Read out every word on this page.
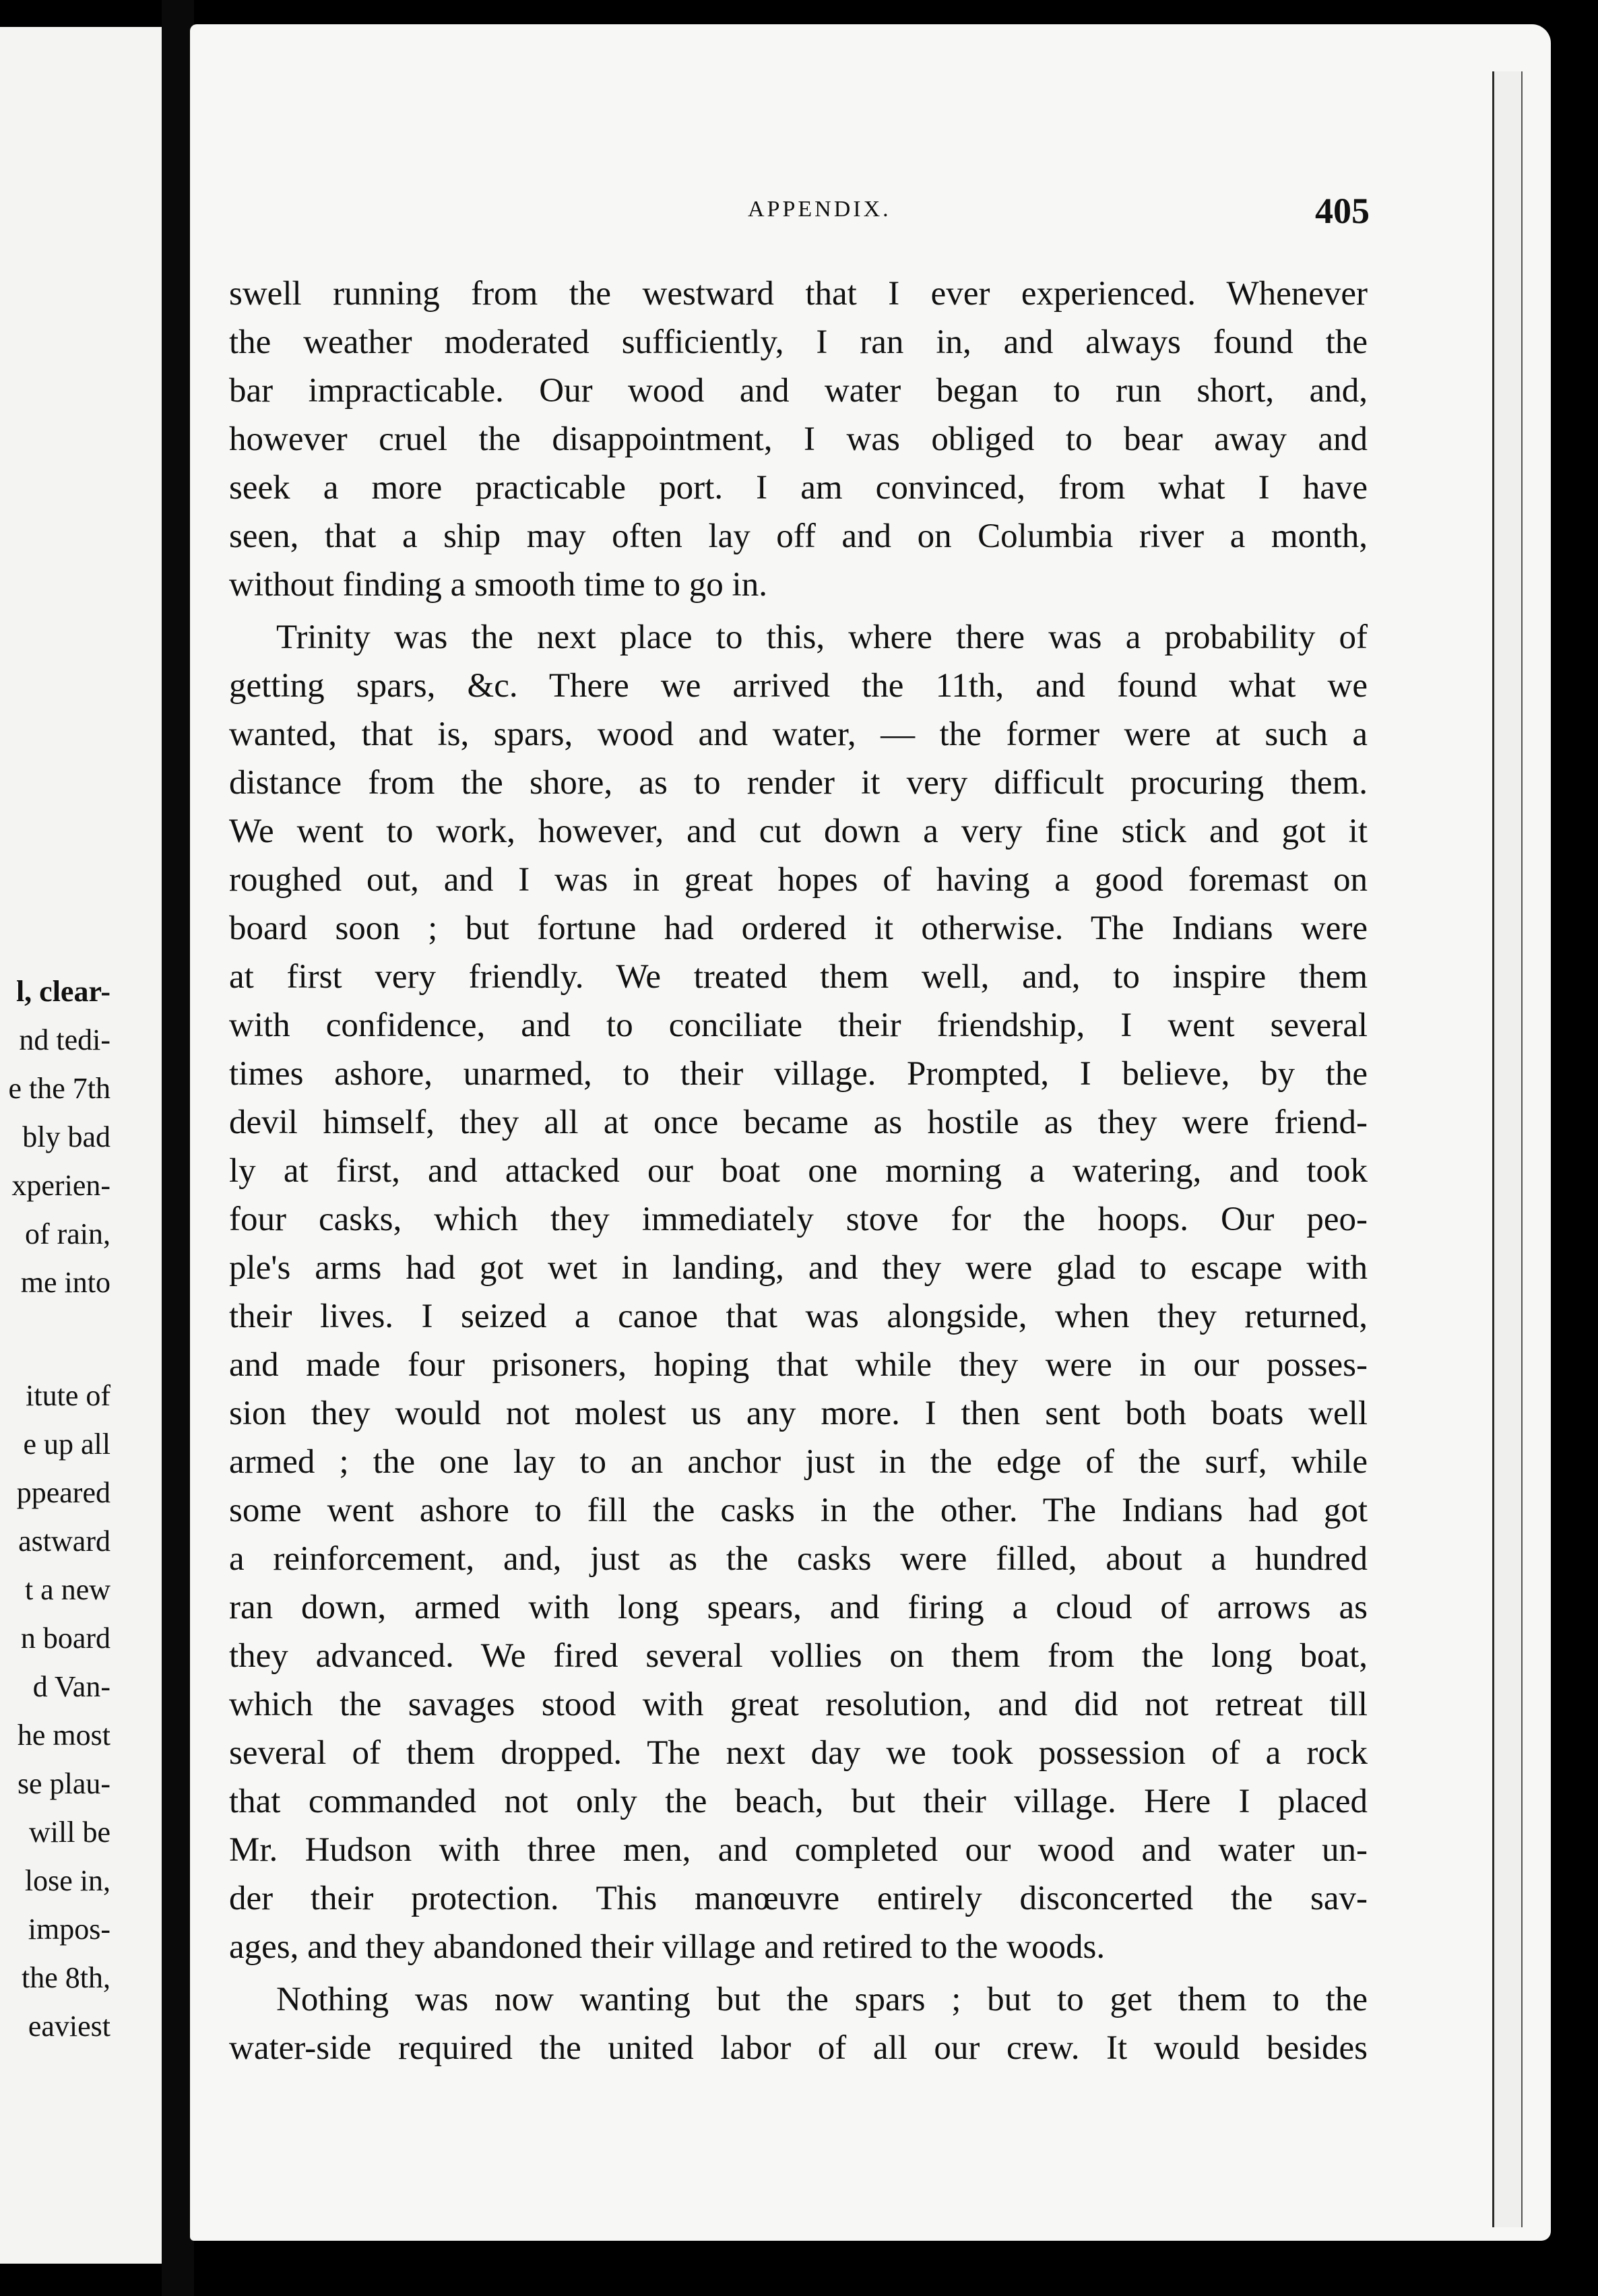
l, clear-
nd tedi-
e the 7th
bly bad
xperien-
of rain,
me into
itute of
e up all
ppeared
astward
t a new
n board
d Van-
he most
se plau-
will be
lose in,
impos-
the 8th,
eaviest
APPENDIX.	405
swell running from the westward that I ever experienced. Whenever
the weather moderated sufficiently, I ran in, and always found the
bar impracticable. Our wood and water began to run short, and,
however cruel the disappointment, I was obliged to bear away and
seek a more practicable port. I am convinced, from what I have
seen, that a ship may often lay off and on Columbia river a month,
without finding a smooth time to go in.
Trinity was the next place to this, where there was a probability of
getting spars, &c. There we arrived the 11th, and found what we
wanted, that is, spars, wood and water, — the former were at such a
distance from the shore, as to render it very difficult procuring them.
We went to work, however, and cut down a very fine stick and got it
roughed out, and I was in great hopes of having a good foremast on
board soon ; but fortune had ordered it otherwise. The Indians were
at first very friendly. We treated them well, and, to inspire them
with confidence, and to conciliate their friendship, I went several
times ashore, unarmed, to their village. Prompted, I believe, by the
devil himself, they all at once became as hostile as they were friend-
ly at first, and attacked our boat one morning a watering, and took
four casks, which they immediately stove for the hoops. Our peo-
ple's arms had got wet in landing, and they were glad to escape with
their lives. I seized a canoe that was alongside, when they returned,
and made four prisoners, hoping that while they were in our posses-
sion they would not molest us any more. I then sent both boats well
armed ; the one lay to an anchor just in the edge of the surf, while
some went ashore to fill the casks in the other. The Indians had got
a reinforcement, and, just as the casks were filled, about a hundred
ran down, armed with long spears, and firing a cloud of arrows as
they advanced. We fired several vollies on them from the long boat,
which the savages stood with great resolution, and did not retreat till
several of them dropped. The next day we took possession of a rock
that commanded not only the beach, but their village. Here I placed
Mr. Hudson with three men, and completed our wood and water un-
der their protection. This manœuvre entirely disconcerted the sav-
ages, and they abandoned their village and retired to the woods.
Nothing was now wanting but the spars ; but to get them to the
water-side required the united labor of all our crew. It would besides
